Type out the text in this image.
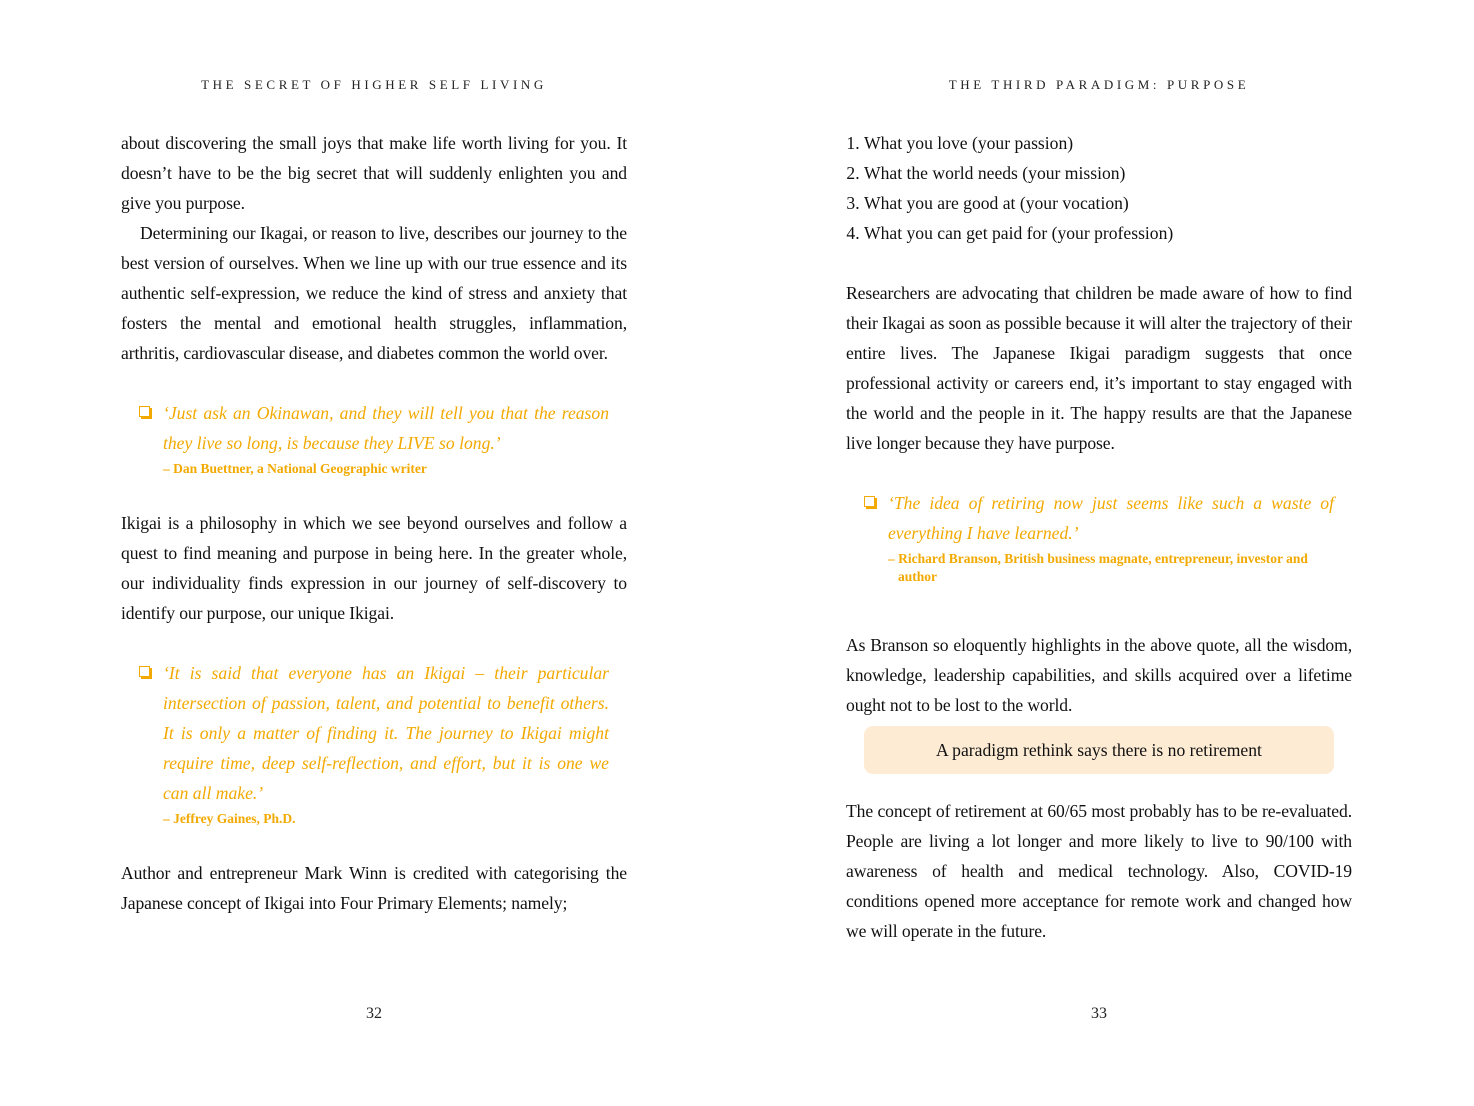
THE SECRET OF HIGHER SELF LIVING

about discovering the small joys that make life worth living for you. It doesn’t have to be the big secret that will suddenly enlighten you and give you purpose.

Determining our Ikagai, or reason to live, describes our journey to the best version of ourselves. When we line up with our true essence and its authentic self-expression, we reduce the kind of stress and anxiety that fosters the mental and emotional health struggles, inflammation, arthritis, cardiovascular disease, and diabetes common the world over.

‘Just ask an Okinawan, and they will tell you that the reason they live so long, is because they LIVE so long.’

– Dan Buettner, a National Geographic writer

Ikigai is a philosophy in which we see beyond ourselves and follow a quest to find meaning and purpose in being here. In the greater whole, our individuality finds expression in our journey of self-discovery to identify our purpose, our unique Ikigai.

‘It is said that everyone has an Ikigai – their particular intersection of passion, talent, and potential to benefit others. It is only a matter of finding it. The journey to Ikigai might require time, deep self-reflection, and effort, but it is one we can all make.’

– Jeffrey Gaines, Ph.D.

Author and entrepreneur Mark Winn is credited with categorising the Japanese concept of Ikigai into Four Primary Elements; namely;

32
THE THIRD PARADIGM: PURPOSE
1. What you love (your passion)
2. What the world needs (your mission)
3. What you are good at (your vocation)
4. What you can get paid for (your profession)

Researchers are advocating that children be made aware of how to find their Ikagai as soon as possible because it will alter the trajectory of their entire lives. The Japanese Ikigai paradigm suggests that once professional activity or careers end, it’s important to stay engaged with the world and the people in it. The happy results are that the Japanese live longer because they have purpose.

‘The idea of retiring now just seems like such a waste of everything I have learned.’

– Richard Branson, British business magnate, entrepreneur, investor and author

As Branson so eloquently highlights in the above quote, all the wisdom, knowledge, leadership capabilities, and skills acquired over a lifetime ought not to be lost to the world.

A paradigm rethink says there is no retirement

The concept of retirement at 60/65 most probably has to be re-evaluated. People are living a lot longer and more likely to live to 90/100 with awareness of health and medical technology. Also, COVID-19 conditions opened more acceptance for remote work and changed how we will operate in the future.

33
